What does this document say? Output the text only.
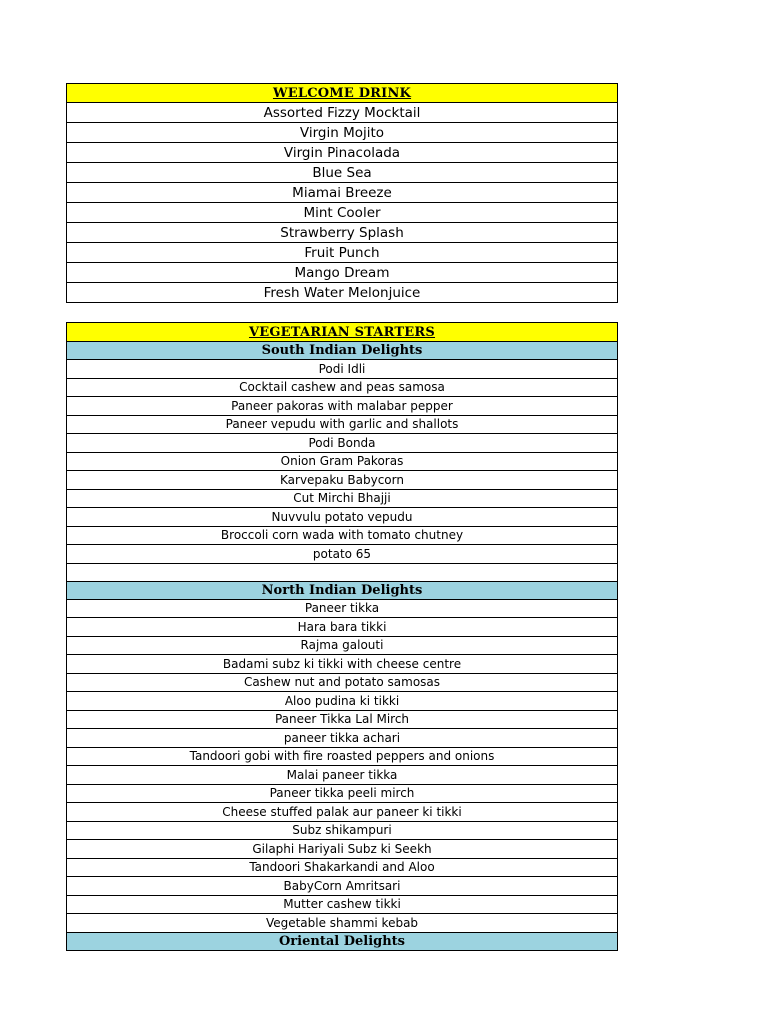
WELCOME DRINK
Assorted Fizzy Mocktail
Virgin Mojito
Virgin Pinacolada
Blue Sea
Miamai Breeze
Mint Cooler
Strawberry Splash
Fruit Punch
Mango Dream
Fresh Water Melonjuice
VEGETARIAN STARTERS
South Indian Delights
Podi Idli
Cocktail cashew and peas samosa
Paneer pakoras with malabar pepper
Paneer vepudu with garlic and shallots
Podi Bonda
Onion Gram Pakoras
Karvepaku Babycorn
Cut Mirchi Bhajji
Nuvvulu potato vepudu
Broccoli corn wada with tomato chutney
potato 65

North Indian Delights
Paneer tikka
Hara bara tikki
Rajma galouti
Badami subz ki tikki with cheese centre
Cashew nut and potato samosas
Aloo pudina ki tikki
Paneer Tikka Lal Mirch
paneer tikka achari
Tandoori gobi with fire roasted peppers and onions
Malai paneer tikka
Paneer tikka peeli mirch
Cheese stuffed palak aur paneer ki tikki
Subz shikampuri
Gilaphi Hariyali Subz ki Seekh
Tandoori Shakarkandi and Aloo
BabyCorn Amritsari
Mutter cashew tikki
Vegetable shammi kebab
Oriental Delights
